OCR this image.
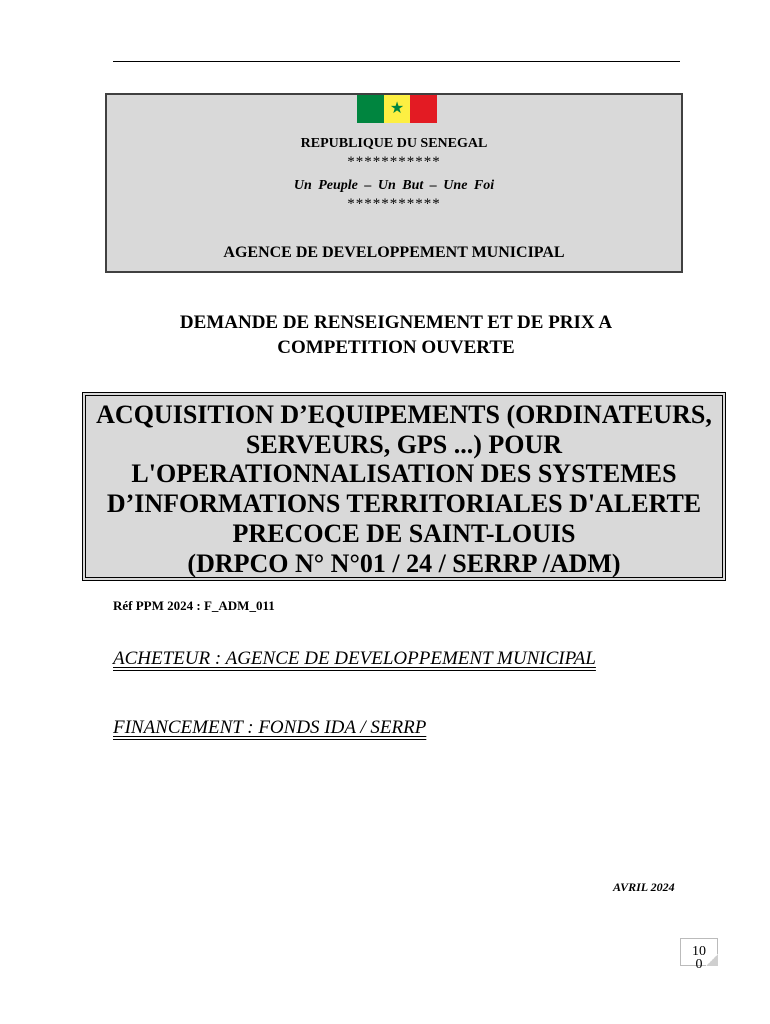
★
REPUBLIQUE DU SENEGAL
***********
Un Peuple – Un But – Une Foi
***********
AGENCE DE DEVELOPPEMENT MUNICIPAL
DEMANDE DE RENSEIGNEMENT ET DE PRIX A
COMPETITION OUVERTE
ACQUISITION D’EQUIPEMENTS (ORDINATEURS,
SERVEURS, GPS ...) POUR
L'OPERATIONNALISATION DES SYSTEMES
D’INFORMATIONS TERRITORIALES D'ALERTE
PRECOCE DE SAINT-LOUIS
(DRPCO N° N°01 / 24 / SERRP /ADM)
Réf PPM 2024 : F_ADM_011
ACHETEUR : AGENCE DE DEVELOPPEMENT MUNICIPAL
FINANCEMENT : FONDS IDA / SERRP
AVRIL 2024
10
0
